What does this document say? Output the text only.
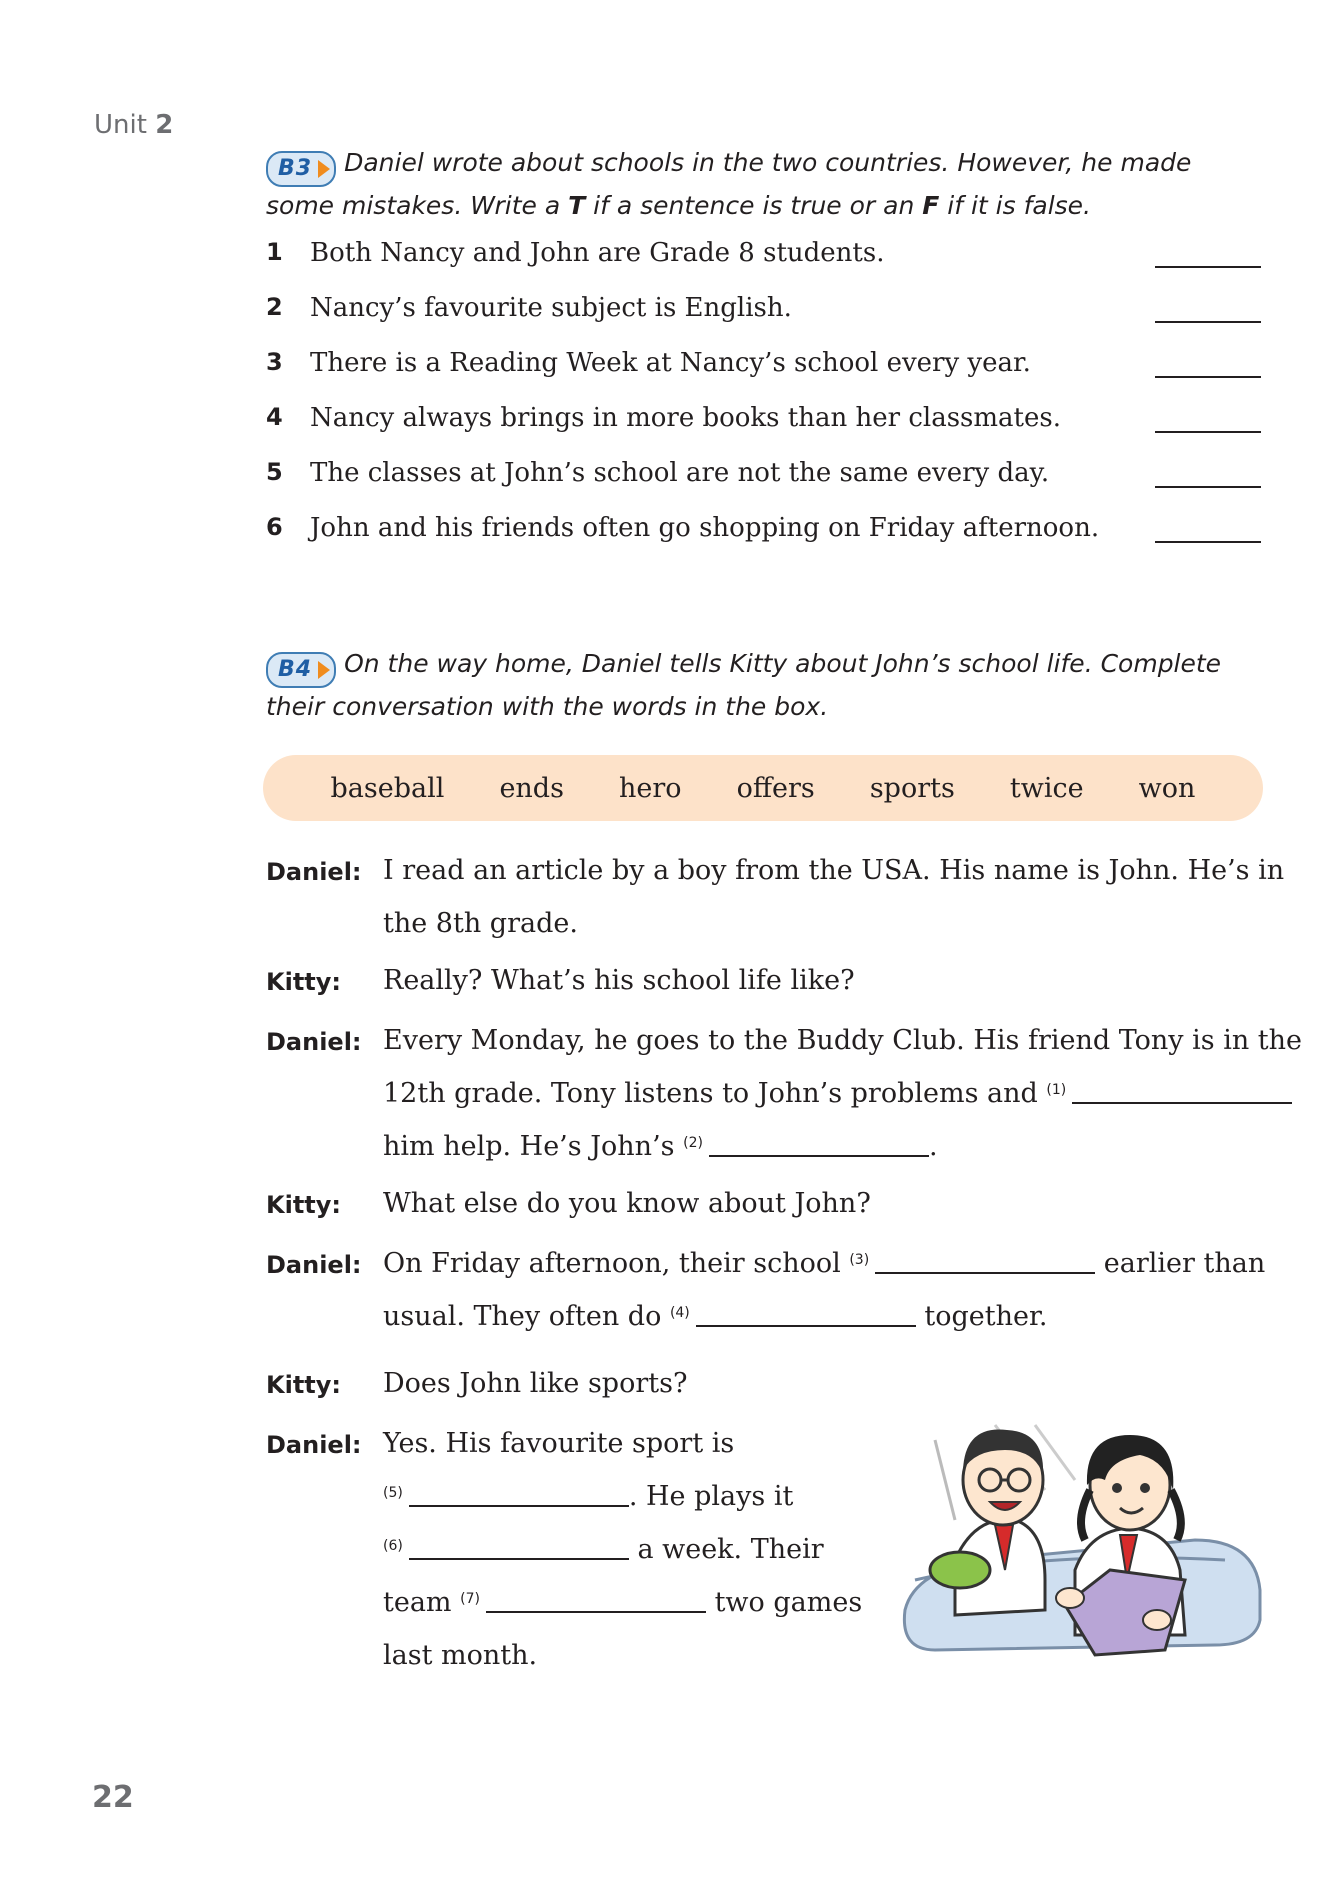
Unit 2
B3 Daniel wrote about schools in the two countries. However, he made some mistakes. Write a T if a sentence is true or an F if it is false.
1 Both Nancy and John are Grade 8 students.
2 Nancy’s favourite subject is English.
3 There is a Reading Week at Nancy’s school every year.
4 Nancy always brings in more books than her classmates.
5 The classes at John’s school are not the same every day.
6 John and his friends often go shopping on Friday afternoon.
B4 On the way home, Daniel tells Kitty about John’s school life. Complete their conversation with the words in the box.
baseball ends hero offers sports twice won
Daniel: I read an article by a boy from the USA. His name is John. He’s in
the 8th grade.
Kitty: Really? What’s his school life like?
Daniel: Every Monday, he goes to the Buddy Club. His friend Tony is in the
12th grade. Tony listens to John’s problems and $^{(1)}$
him help. He’s John’s $^{(2)}$	.
Kitty: What else do you know about John?
Daniel: On Friday afternoon, their school $^{(3)}$	earlier than
usual. They often do $^{(4)}$	together.
Kitty: Does John like sports?
Daniel: Yes. His favourite sport is
$^{(5)}$	. He plays it
$^{(6)}$	a week. Their
team $^{(7)}$	two games
last month.
22
